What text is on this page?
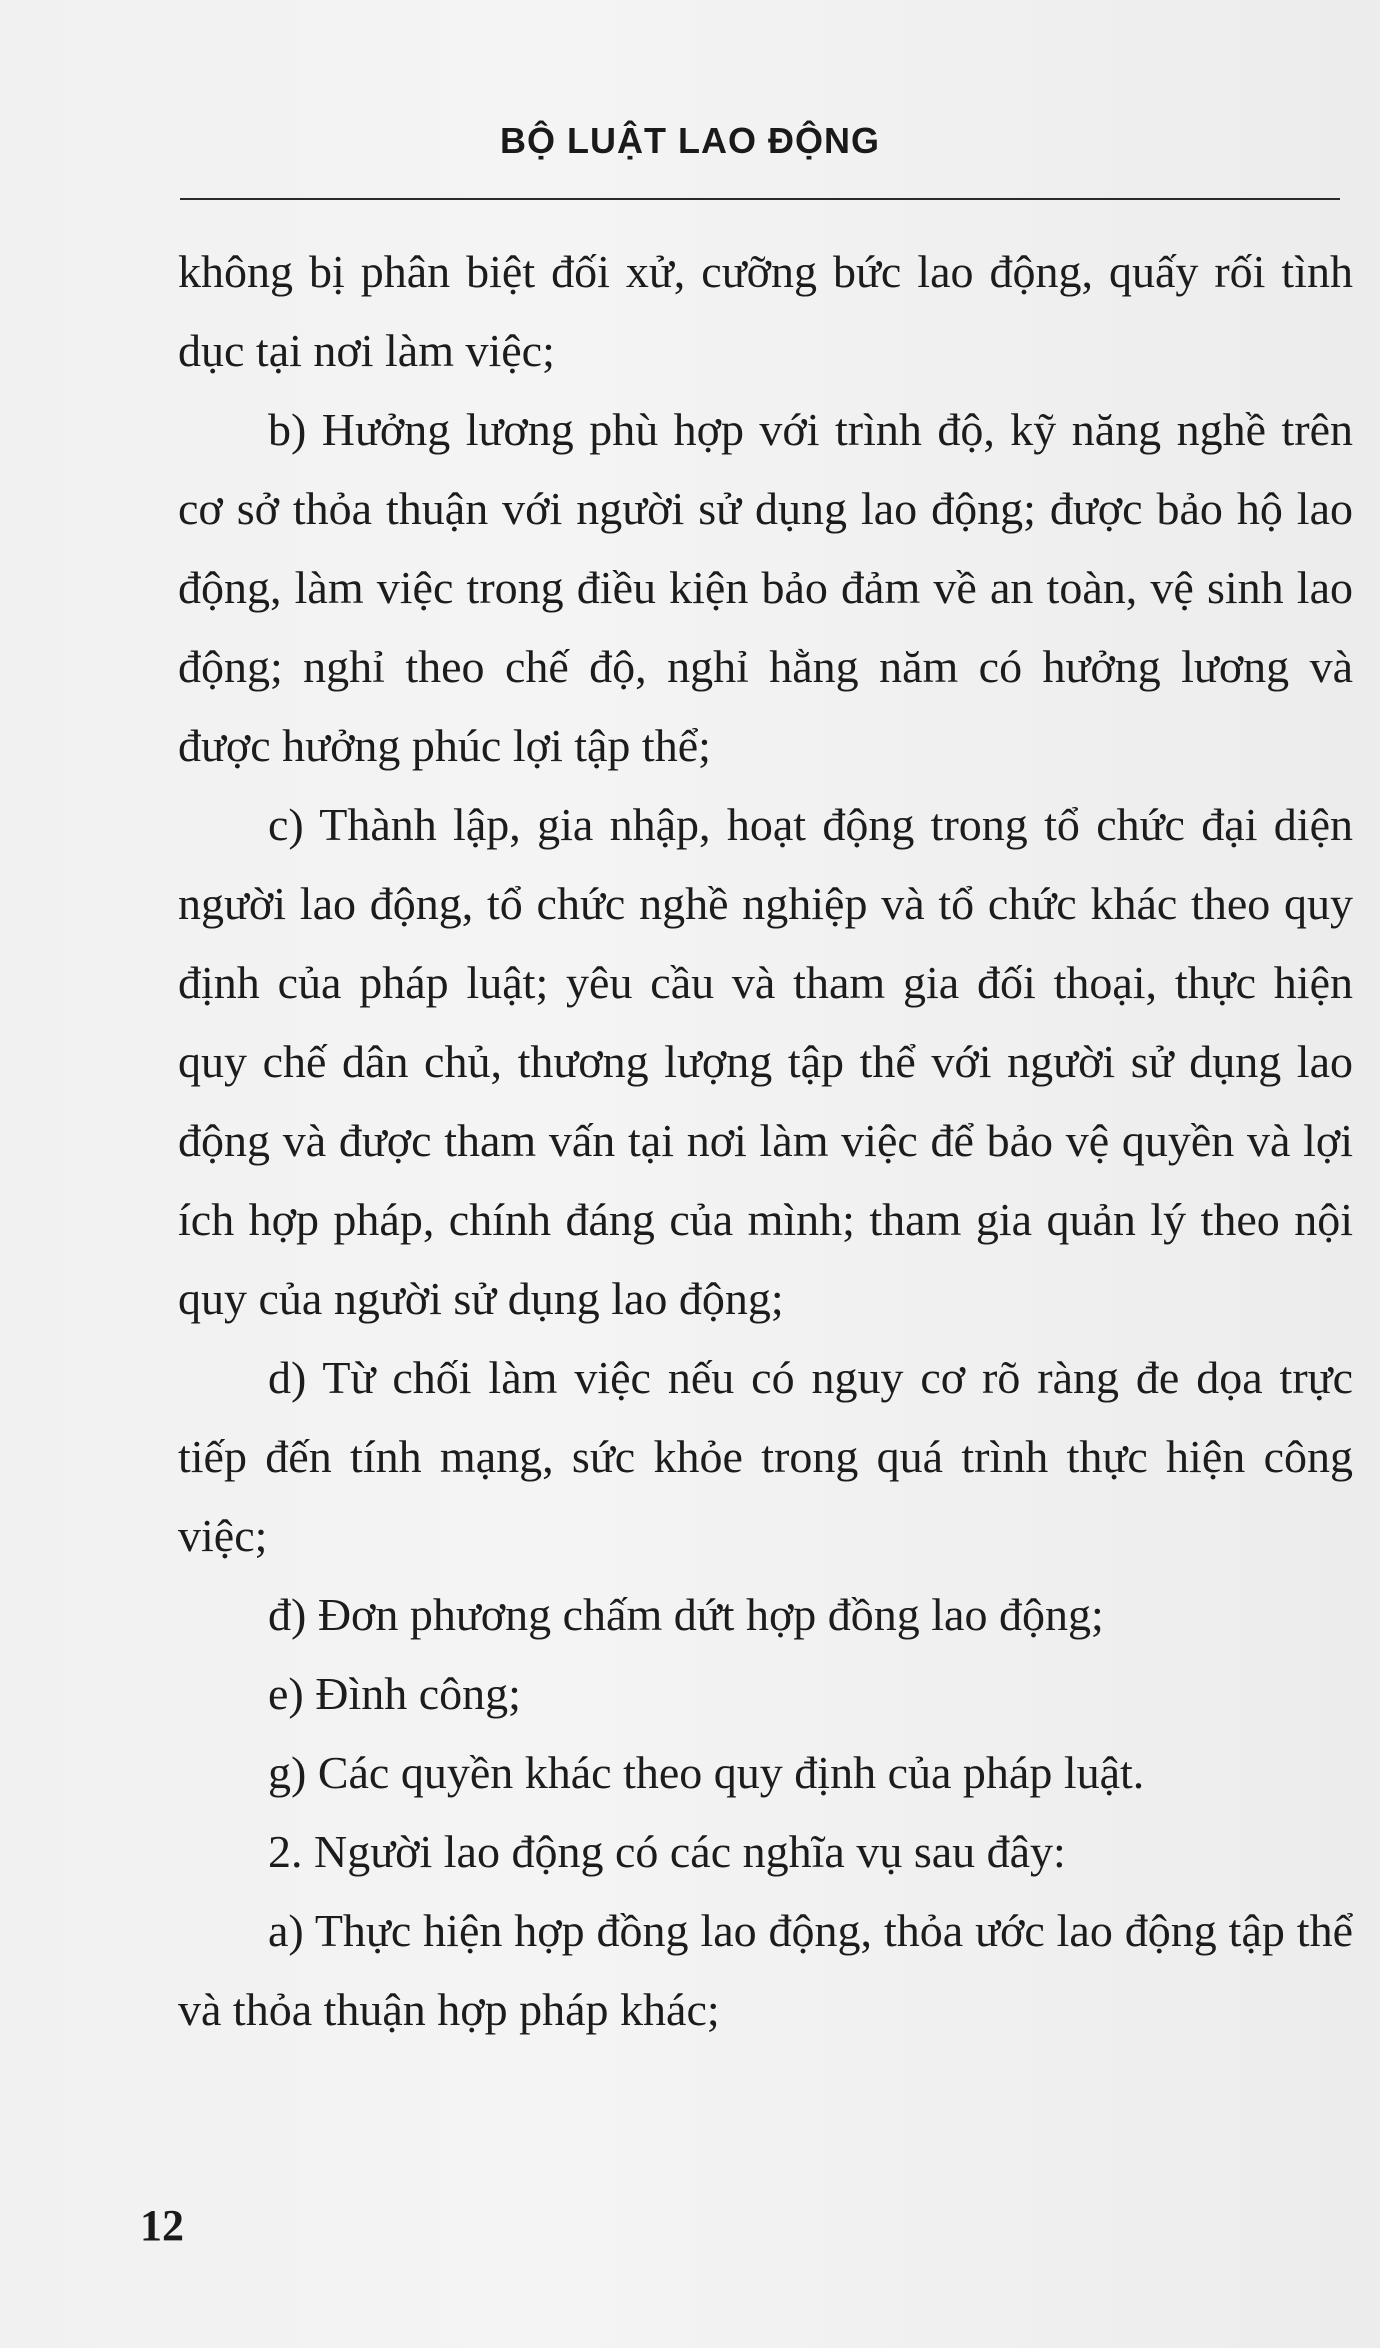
BỘ LUẬT LAO ĐỘNG

không bị phân biệt đối xử, cưỡng bức lao động, quấy rối tình dục tại nơi làm việc;

b) Hưởng lương phù hợp với trình độ, kỹ năng nghề trên cơ sở thỏa thuận với người sử dụng lao động; được bảo hộ lao động, làm việc trong điều kiện bảo đảm về an toàn, vệ sinh lao động; nghỉ theo chế độ, nghỉ hằng năm có hưởng lương và được hưởng phúc lợi tập thể;

c) Thành lập, gia nhập, hoạt động trong tổ chức đại diện người lao động, tổ chức nghề nghiệp và tổ chức khác theo quy định của pháp luật; yêu cầu và tham gia đối thoại, thực hiện quy chế dân chủ, thương lượng tập thể với người sử dụng lao động và được tham vấn tại nơi làm việc để bảo vệ quyền và lợi ích hợp pháp, chính đáng của mình; tham gia quản lý theo nội quy của người sử dụng lao động;

d) Từ chối làm việc nếu có nguy cơ rõ ràng đe dọa trực tiếp đến tính mạng, sức khỏe trong quá trình thực hiện công việc;

đ) Đơn phương chấm dứt hợp đồng lao động;

e) Đình công;

g) Các quyền khác theo quy định của pháp luật.

2. Người lao động có các nghĩa vụ sau đây:

a) Thực hiện hợp đồng lao động, thỏa ước lao động tập thể và thỏa thuận hợp pháp khác;

12
